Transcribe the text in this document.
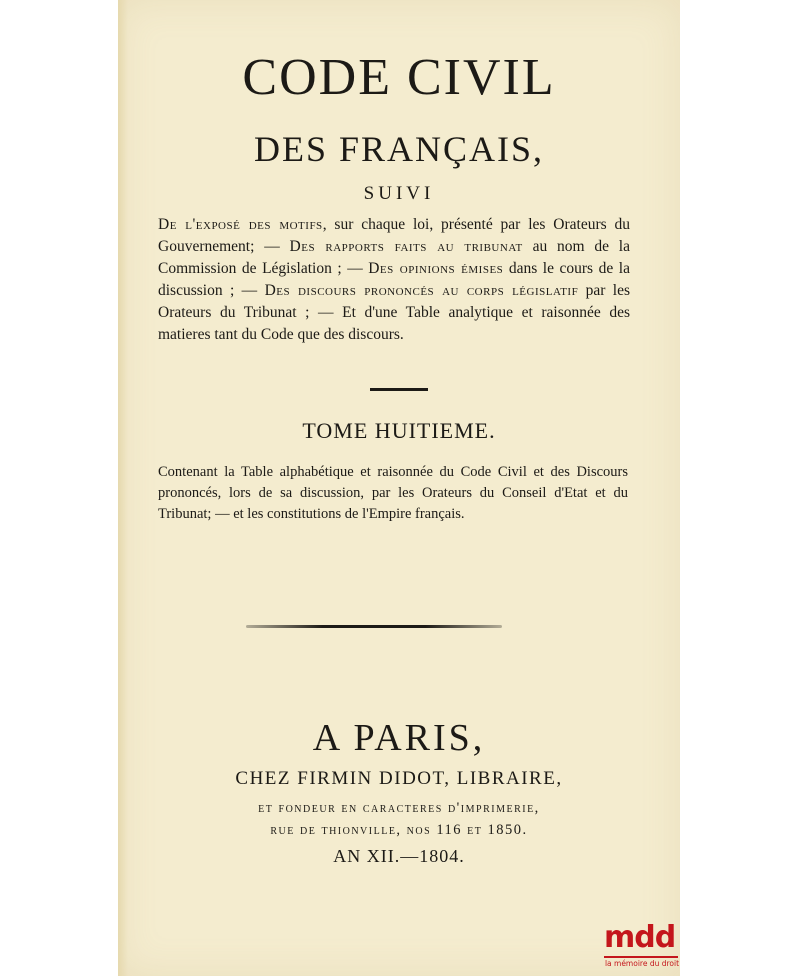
CODE CIVIL
DES FRANÇAIS,
SUIVI

De l'exposé des motifs, sur chaque loi, présenté par les Orateurs du Gouvernement; — Des rapports faits au tribunat au nom de la Commission de Législation ; — Des opinions émises dans le cours de la discussion ; — Des discours prononcés au corps législatif par les Orateurs du Tribunat ; — Et d'une Table analytique et raisonnée des matieres tant du Code que des discours.

TOME HUITIEME.

Contenant la Table alphabétique et raisonnée du Code Civil et des Discours prononcés, lors de sa discussion, par les Orateurs du Conseil d'Etat et du Tribunat; — et les constitutions de l'Empire français.

A PARIS,
CHEZ FIRMIN DIDOT, LIBRAIRE,
et fondeur en caracteres d'imprimerie,
rue de thionville, nos 116 et 1850.
AN XII.—1804.
mdd
la mémoire du droit
